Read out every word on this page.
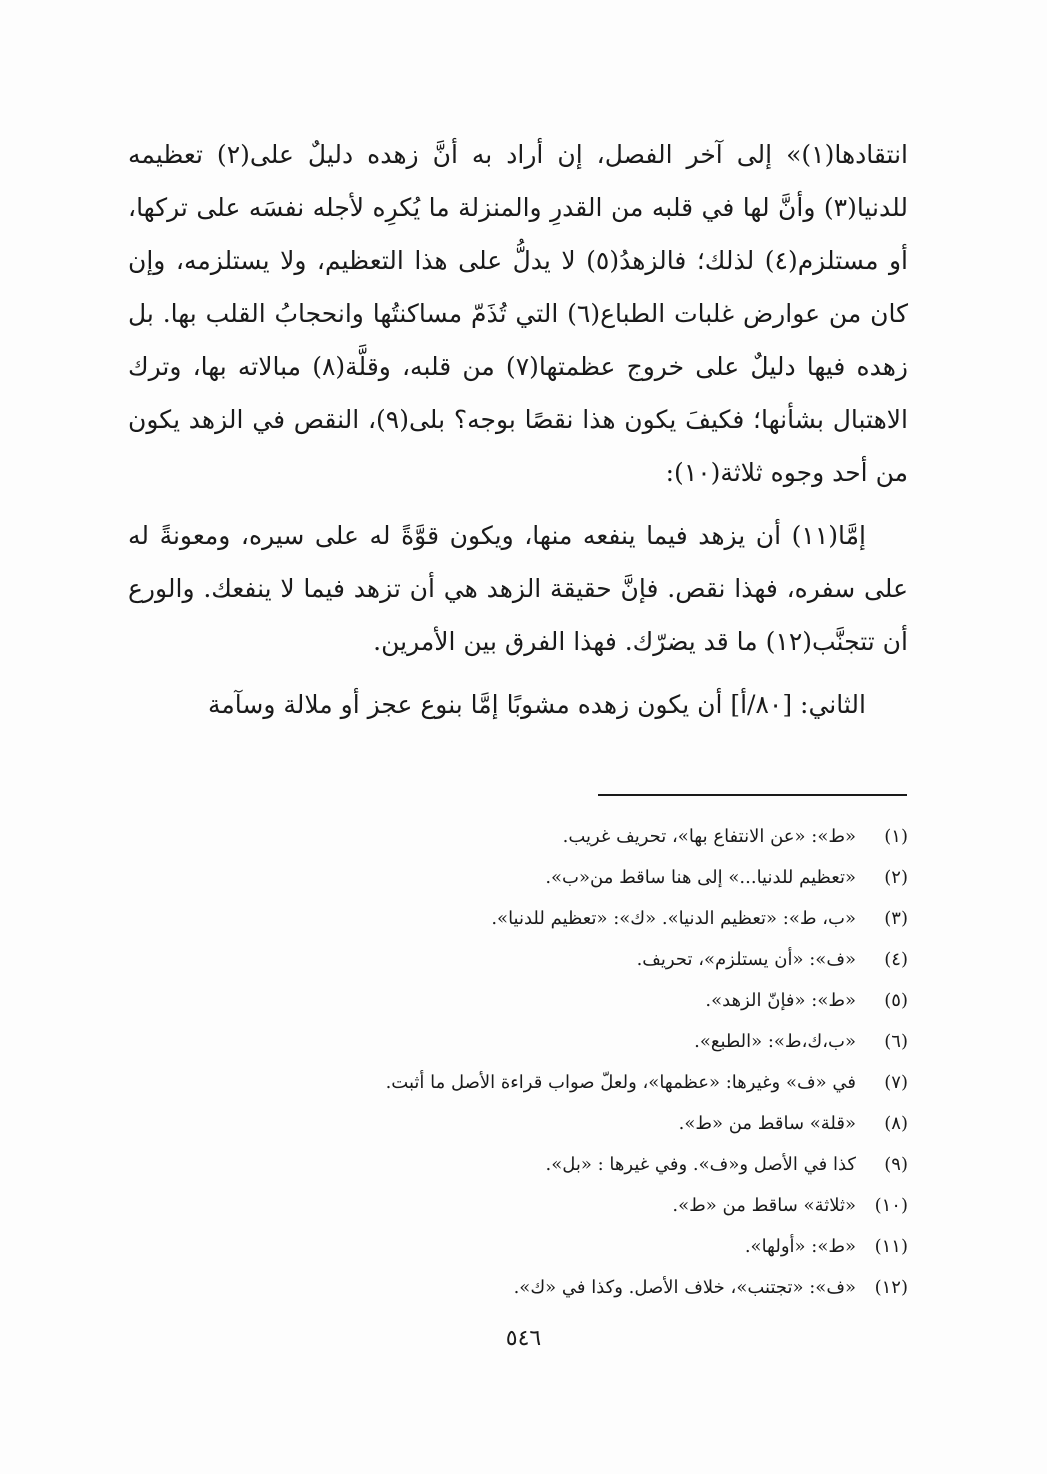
انتقادها(١)» إلى آخر الفصل، إن أراد به أنَّ زهده دليلٌ على(٢) تعظيمه للدنيا(٣) وأنَّ لها في قلبه من القدرِ والمنزلة ما يُكرِه لأجله نفسَه على تركها، أو مستلزم(٤) لذلك؛ فالزهدُ(٥) لا يدلُّ على هذا التعظيم، ولا يستلزمه، وإن كان من عوارض غلبات الطباع(٦) التي تُذَمّ مساكنتُها وانحجابُ القلب بها. بل زهده فيها دليلٌ على خروج عظمتها(٧) من قلبه، وقلَّة(٨) مبالاته بها، وترك الاهتبال بشأنها؛ فكيفَ يكون هذا نقصًا بوجه؟ بلى(٩)، النقص في الزهد يكون من أحد وجوه ثلاثة(١٠):

إمَّا(١١) أن يزهد فيما ينفعه منها، ويكون قوَّةً له على سيره، ومعونةً له على سفره، فهذا نقص. فإنَّ حقيقة الزهد هي أن تزهد فيما لا ينفعك. والورع أن تتجنَّب(١٢) ما قد يضرّك. فهذا الفرق بين الأمرين.

الثاني: [٨٠/أ] أن يكون زهده مشوبًا إمَّا بنوع عجز أو ملالة وسآمة

(١)
«ط»: «عن الانتفاع بها»، تحريف غريب.
(٢)
«تعظيم للدنيا...» إلى هنا ساقط من«ب».
(٣)
«ب، ط»: «تعظيم الدنيا». «ك»: «تعظيم للدنيا».
(٤)
«ف»: «أن يستلزم»، تحريف.
(٥)
«ط»: «فإنّ الزهد».
(٦)
«ب،ك،ط»: «الطبع».
(٧)
في «ف» وغيرها: «عظمها»، ولعلّ صواب قراءة الأصل ما أثبت.
(٨)
«قلة» ساقط من «ط».
(٩)
كذا في الأصل و«ف». وفي غيرها : «بل».
(١٠)
«ثلاثة» ساقط من «ط».
(١١)
«ط»: «أولها».
(١٢)
«ف»: «تجتنب»، خلاف الأصل. وكذا في «ك».
٥٤٦
